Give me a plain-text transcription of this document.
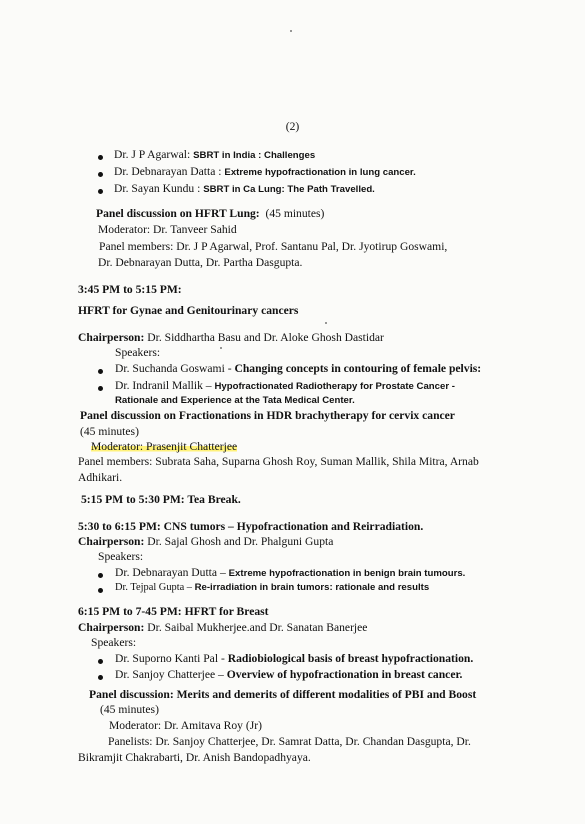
(2)
Dr. J P Agarwal: SBRT in India : Challenges
Dr. Debnarayan Datta : Extreme hypofractionation in lung cancer.
Dr. Sayan Kundu : SBRT in Ca Lung: The Path Travelled.
Panel discussion on HFRT Lung: (45 minutes)
Moderator: Dr. Tanveer Sahid
Panel members: Dr. J P Agarwal, Prof. Santanu Pal, Dr. Jyotirup Goswami,
Dr. Debnarayan Dutta, Dr. Partha Dasgupta.
3:45 PM to 5:15 PM:
HFRT for Gynae and Genitourinary cancers
Chairperson: Dr. Siddhartha Basu and Dr. Aloke Ghosh Dastidar
Speakers:
Dr. Suchanda Goswami - Changing concepts in contouring of female pelvis:
Dr. Indranil Mallik – Hypofractionated Radiotherapy for Prostate Cancer -
Rationale and Experience at the Tata Medical Center.
Panel discussion on Fractionations in HDR brachytherapy for cervix cancer
(45 minutes)
Moderator: Prasenjit Chatterjee
Panel members: Subrata Saha, Suparna Ghosh Roy, Suman Mallik, Shila Mitra, Arnab
Adhikari.
5:15 PM to 5:30 PM: Tea Break.
5:30 to 6:15 PM: CNS tumors – Hypofractionation and Reirradiation.
Chairperson: Dr. Sajal Ghosh and Dr. Phalguni Gupta
Speakers:
Dr. Debnarayan Dutta – Extreme hypofractionation in benign brain tumours.
Dr. Tejpal Gupta – Re-irradiation in brain tumors: rationale and results
6:15 PM to 7-45 PM: HFRT for Breast
Chairperson: Dr. Saibal Mukherjee.and Dr. Sanatan Banerjee
Speakers:
Dr. Suporno Kanti Pal - Radiobiological basis of breast hypofractionation.
Dr. Sanjoy Chatterjee – Overview of hypofractionation in breast cancer.
Panel discussion: Merits and demerits of different modalities of PBI and Boost
(45 minutes)
Moderator: Dr. Amitava Roy (Jr)
Panelists: Dr. Sanjoy Chatterjee, Dr. Samrat Datta, Dr. Chandan Dasgupta, Dr.
Bikramjit Chakrabarti, Dr. Anish Bandopadhyaya.
